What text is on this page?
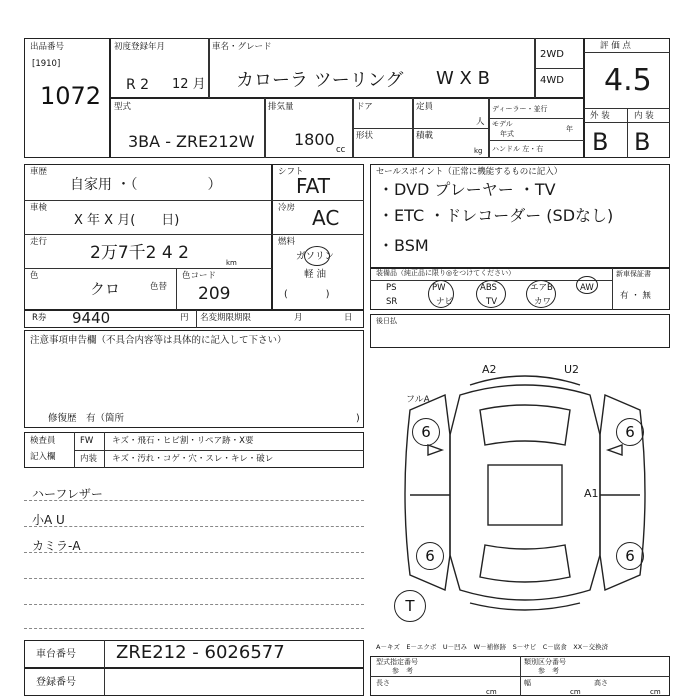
出品番号
[1910]
1072
初度登録年月
R 2 12 月
車名・グレード
カローラ ツーリング W X B
2WD
4WD
評 価 点
4.5
外 装	内 装
B B
型式
3BA - ZRE212W
排気量
1800
cc
ドア
形状
定員
人
積載
kg
ディーラー・並行
モデル
年式
年
ハンドル 左・右
車歴
自家用 ・（　　　　　）
車検
X 年 X 月(　　日)
走行
2万7千2 4 2	km
色
クロ	色替
色コード
209
シフト
FAT
冷房 AC
燃料
ガソリン
軽 油
(　　　　)
セールスポイント（正常に機能するものに記入）
・DVD プレーヤー ・TV
・ETC ・ドレコーダー (SDなし)
・BSM
装備品（純正品に限り◎をつけてください）	新車保証書
有 ・ 無
PS	PW	ABS	エアB	AW
SR	ナビ	TV	カワ
R券 9440	円 名変期限期限	月	日	後日払
注意事項申告欄（不具合内容等は具体的に記入して下さい）
修復歴　有（箇所	)
検査員
記入欄
FW キズ・飛石・ヒビ割・リペア跡・X要
内装 キズ・汚れ・コゲ・穴・スレ・キレ・破レ
ハーフレザー
小A U
カミラ-A
6	6
6	6
T
A2	U2
フルA
A1
車台番号 ZRE212 - 6026577
登録番号
A－キズ　E－エクボ　U－凹み　W－補修跡　S－サビ　C－腐食　XX－交換済
型式指定番号
参　考
類別区分番号
参　考
長さ
cm
幅
cm
高さ
cm
